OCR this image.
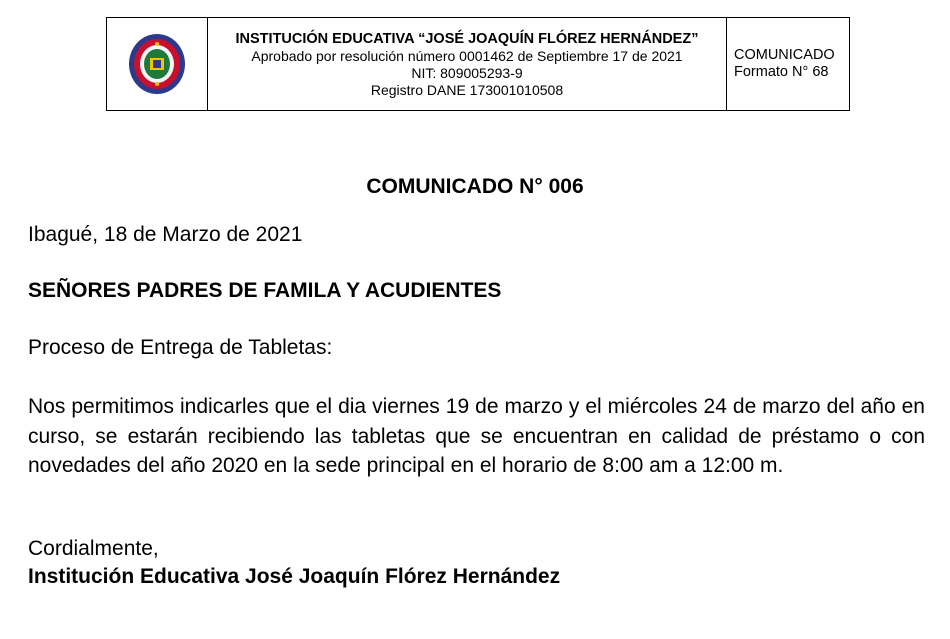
INSTITUCIÓN EDUCATIVA “JOSÉ JOAQUÍN FLÓREZ HERNÁNDEZ”
Aprobado por resolución número 0001462 de Septiembre 17 de 2021
NIT: 809005293-9
Registro DANE 173001010508

COMUNICADO
Formato N° 68
COMUNICADO N° 006
Ibagué, 18 de Marzo de 2021
SEÑORES PADRES DE FAMILA Y ACUDIENTES
Proceso de Entrega de Tabletas:
Nos permitimos indicarles que el dia viernes 19 de marzo y el miércoles 24 de marzo del año en curso, se estarán recibiendo las tabletas que se encuentran en calidad de préstamo o con novedades del año 2020 en la sede principal en el horario de 8:00 am a 12:00 m.
Cordialmente,
Institución Educativa José Joaquín Flórez Hernández
